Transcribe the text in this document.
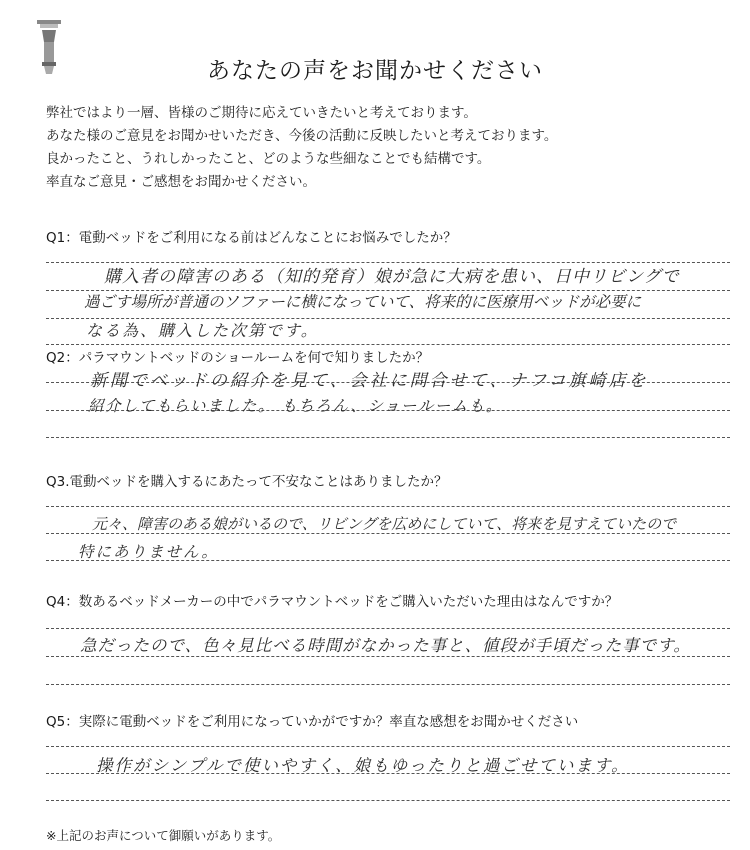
あなたの声をお聞かせください
弊社ではより一層、皆様のご期待に応えていきたいと考えております。
あなた様のご意見をお聞かせいただき、今後の活動に反映したいと考えております。
良かったこと、うれしかったこと、どのような些細なことでも結構です。
率直なご意見・ご感想をお聞かせください。
Q1：電動ベッドをご利用になる前はどんなことにお悩みでしたか？
購入者の障害のある（知的発育）娘が急に大病を患い、日中リビングで
過ごす場所が普通のソファーに横になっていて、将来的に医療用ベッドが必要に
なる為、購入した次第です。
Q2：パラマウントベッドのショールームを何で知りましたか？
新聞でベッドの紹介を見て、会社に問合せて、ナフコ旗崎店を
紹介してもらいました。 もちろん、ショールームも。
Q3.電動ベッドを購入するにあたって不安なことはありましたか？
元々、障害のある娘がいるので、リビングを広めにしていて、将来を見すえていたので
特にありません。
Q4：数あるベッドメーカーの中でパラマウントベッドをご購入いただいた理由はなんですか？
急だったので、色々見比べる時間がなかった事と、値段が手頃だった事です。
Q5：実際に電動ベッドをご利用になっていかがですか？率直な感想をお聞かせください
操作がシンプルで使いやすく、娘もゆったりと過ごせています。
※上記のお声について御願いがあります。
